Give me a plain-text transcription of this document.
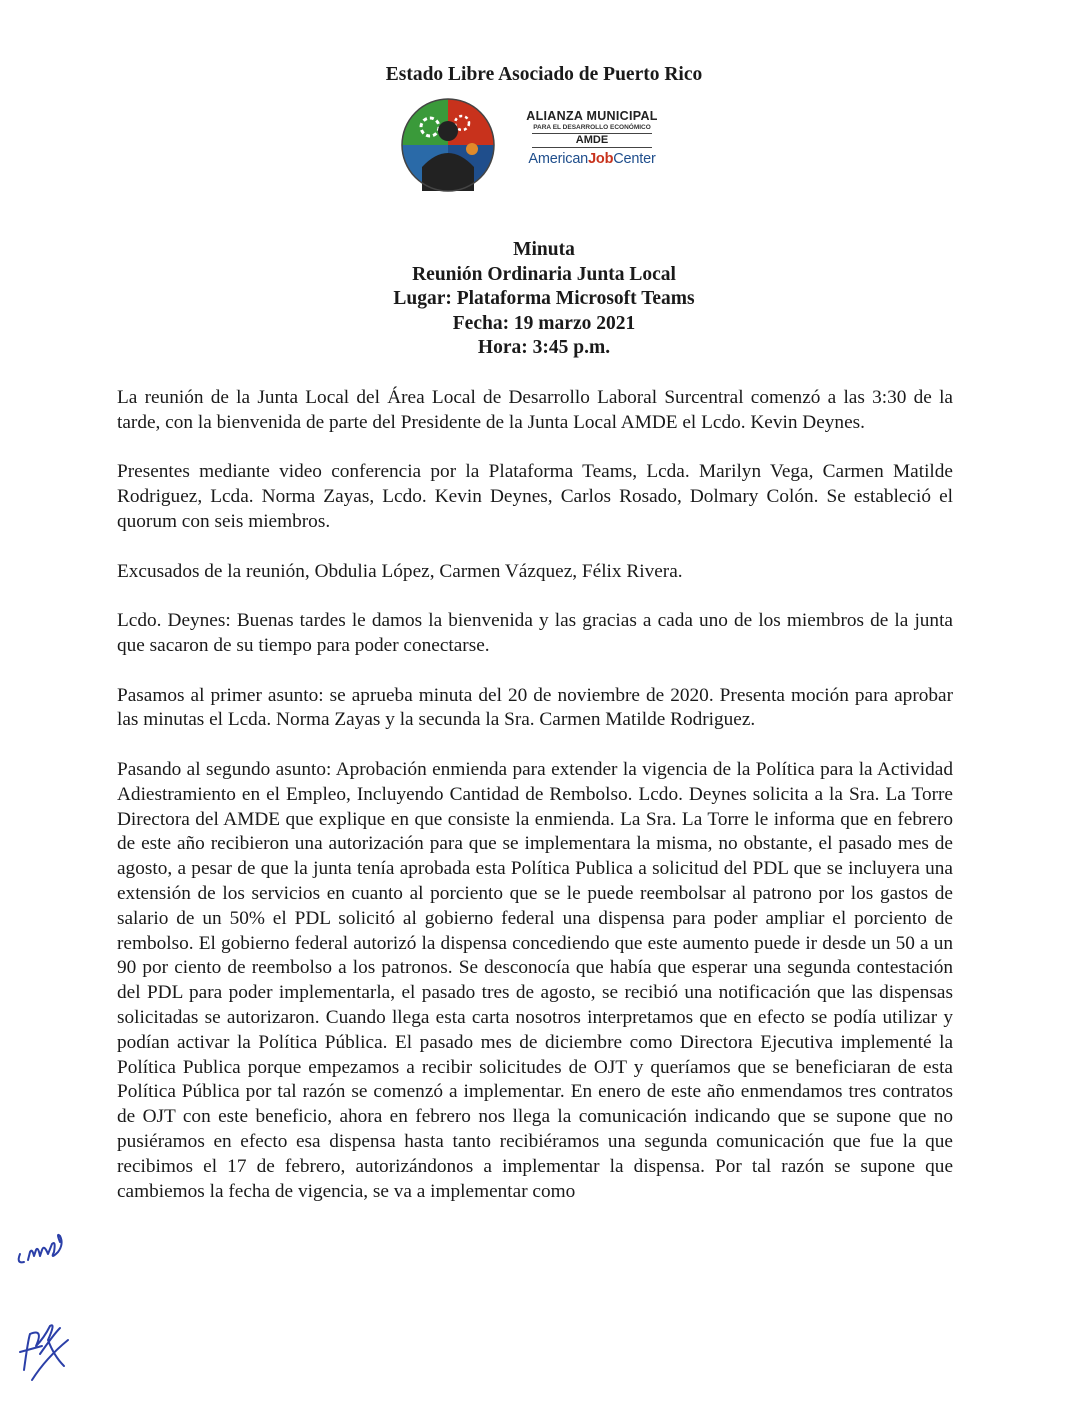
Estado Libre Asociado de Puerto Rico
ALIANZA MUNICIPAL
PARA EL DESARROLLO ECONÓMICO
AMDE
AmericanJobCenter
Minuta
Reunión Ordinaria Junta Local
Lugar: Plataforma Microsoft Teams
Fecha: 19 marzo 2021
Hora: 3:45 p.m.

La reunión de la Junta Local del Área Local de Desarrollo Laboral Surcentral comenzó a las 3:30 de la tarde, con la bienvenida de parte del Presidente de la Junta Local AMDE el Lcdo. Kevin Deynes.

Presentes mediante video conferencia por la Plataforma Teams, Lcda. Marilyn Vega, Carmen Matilde Rodriguez, Lcda. Norma Zayas, Lcdo. Kevin Deynes, Carlos Rosado, Dolmary Colón. Se estableció el quorum con seis miembros.

Excusados de la reunión, Obdulia López, Carmen Vázquez, Félix Rivera.

Lcdo. Deynes: Buenas tardes le damos la bienvenida y las gracias a cada uno de los miembros de la junta que sacaron de su tiempo para poder conectarse.

Pasamos al primer asunto: se aprueba minuta del 20 de noviembre de 2020. Presenta moción para aprobar las minutas el Lcda. Norma Zayas y la secunda la Sra. Carmen Matilde Rodriguez.

Pasando al segundo asunto: Aprobación enmienda para extender la vigencia de la Política para la Actividad Adiestramiento en el Empleo, Incluyendo Cantidad de Rembolso. Lcdo. Deynes solicita a la Sra. La Torre Directora del AMDE que explique en que consiste la enmienda. La Sra. La Torre le informa que en febrero de este año recibieron una autorización para que se implementara la misma, no obstante, el pasado mes de agosto, a pesar de que la junta tenía aprobada esta Política Publica a solicitud del PDL que se incluyera una extensión de los servicios en cuanto al porciento que se le puede reembolsar al patrono por los gastos de salario de un 50% el PDL solicitó al gobierno federal una dispensa para poder ampliar el porciento de rembolso. El gobierno federal autorizó la dispensa concediendo que este aumento puede ir desde un 50 a un 90 por ciento de reembolso a los patronos. Se desconocía que había que esperar una segunda contestación del PDL para poder implementarla, el pasado tres de agosto, se recibió una notificación que las dispensas solicitadas se autorizaron. Cuando llega esta carta nosotros interpretamos que en efecto se podía utilizar y podían activar la Política Pública. El pasado mes de diciembre como Directora Ejecutiva implementé la Política Publica porque empezamos a recibir solicitudes de OJT y queríamos que se beneficiaran de esta Política Pública por tal razón se comenzó a implementar. En enero de este año enmendamos tres contratos de OJT con este beneficio, ahora en febrero nos llega la comunicación indicando que se supone que no pusiéramos en efecto esa dispensa hasta tanto recibiéramos una segunda comunicación que fue la que recibimos el 17 de febrero, autorizándonos a implementar la dispensa. Por tal razón se supone que cambiemos la fecha de vigencia, se va a implementar como
